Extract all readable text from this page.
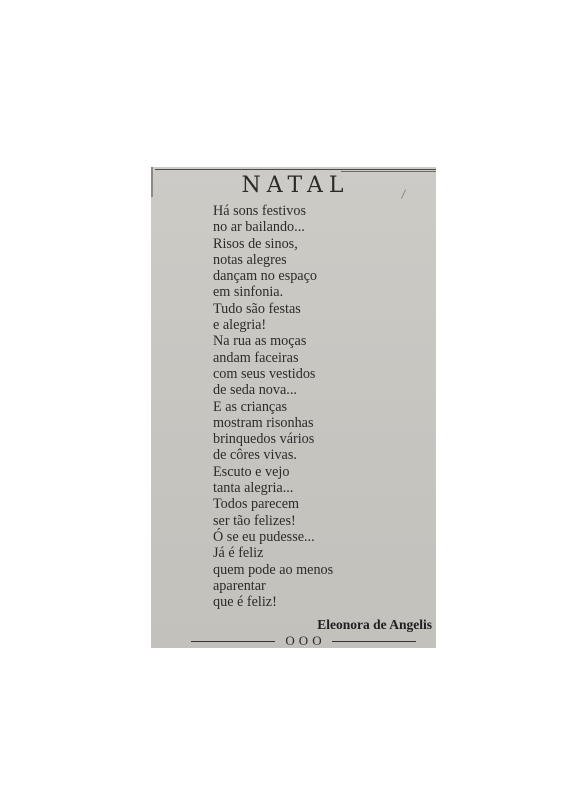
NATAL
Há sons festivos
no ar bailando...
Risos de sinos,
notas alegres
dançam no espaço
em sinfonia.
Tudo são festas
e alegria!
Na rua as moças
andam faceiras
com seus vestidos
de seda nova...
E as crianças
mostram risonhas
brinquedos vários
de côres vivas.
Escuto e vejo
tanta alegria...
Todos parecem
ser tão felizes!
Ó se eu pudesse...
Já é feliz
quem pode ao menos
aparentar
que é feliz!
Eleonora de Angelis
OOO
